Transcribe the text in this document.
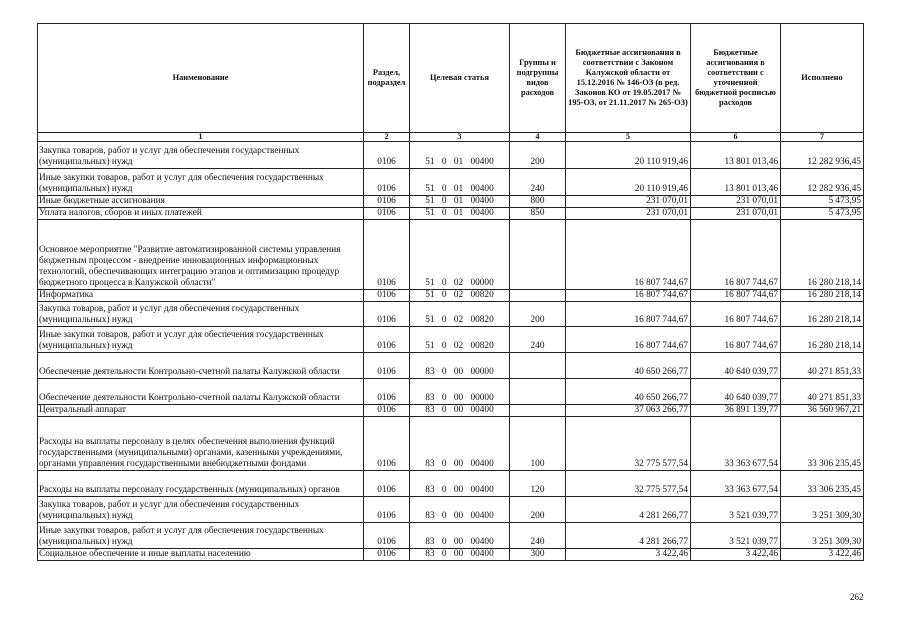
Наименование	Раздел, подраздел	Целевая статья	Группы и подгруппы видов расходов	Бюджетные ассигнования в соответствии с Законом Калужской области от 15.12.2016 № 146-ОЗ (в ред. Законов КО от 19.05.2017 № 195-ОЗ, от 21.11.2017 № 265-ОЗ)	Бюджетные ассигнования в соответствии с уточненной бюджетной росписью расходов	Исполнено
1	2	3	4	5	6	7
Закупка товаров, работ и услуг для обеспечения государственных (муниципальных) нужд	0106	51 0 01 00400	200	20 110 919,46	13 801 013,46	12 282 936,45
Иные закупки товаров, работ и услуг для обеспечения государственных (муниципальных) нужд	0106	51 0 01 00400	240	20 110 919,46	13 801 013,46	12 282 936,45
Иные бюджетные ассигнования	0106	51 0 01 00400	800	231 070,01	231 070,01	5 473,95
Уплата налогов, сборов и иных платежей	0106	51 0 01 00400	850	231 070,01	231 070,01	5 473,95
Основное мероприятие "Развитие автоматизированной системы управления бюджетным процессом - внедрение инновационных информационных технологий, обеспечивающих интеграцию этапов и оптимизацию процедур бюджетного процесса в Калужской области"	0106	51 0 02 00000		16 807 744,67	16 807 744,67	16 280 218,14
Информатика	0106	51 0 02 00820		16 807 744,67	16 807 744,67	16 280 218,14
Закупка товаров, работ и услуг для обеспечения государственных (муниципальных) нужд	0106	51 0 02 00820	200	16 807 744,67	16 807 744,67	16 280 218,14
Иные закупки товаров, работ и услуг для обеспечения государственных (муниципальных) нужд	0106	51 0 02 00820	240	16 807 744,67	16 807 744,67	16 280 218,14
Обеспечение деятельности Контрольно-счетной палаты Калужской области	0106	83 0 00 00000		40 650 266,77	40 640 039,77	40 271 851,33
Обеспечение деятельности Контрольно-счетной палаты Калужской области	0106	83 0 00 00000		40 650 266,77	40 640 039,77	40 271 851,33
Центральный аппарат	0106	83 0 00 00400		37 063 266,77	36 891 139,77	36 560 967,21
Расходы на выплаты персоналу в целях обеспечения выполнения функций государственными (муниципальными) органами, казенными учреждениями, органами управления государственными внебюджетными фондами	0106	83 0 00 00400	100	32 775 577,54	33 363 677,54	33 306 235,45
Расходы на выплаты персоналу государственных (муниципальных) органов	0106	83 0 00 00400	120	32 775 577,54	33 363 677,54	33 306 235,45
Закупка товаров, работ и услуг для обеспечения государственных (муниципальных) нужд	0106	83 0 00 00400	200	4 281 266,77	3 521 039,77	3 251 309,30
Иные закупки товаров, работ и услуг для обеспечения государственных (муниципальных) нужд	0106	83 0 00 00400	240	4 281 266,77	3 521 039,77	3 251 309,30
Социальное обеспечение и иные выплаты населению	0106	83 0 00 00400	300	3 422,46	3 422,46	3 422,46
262
